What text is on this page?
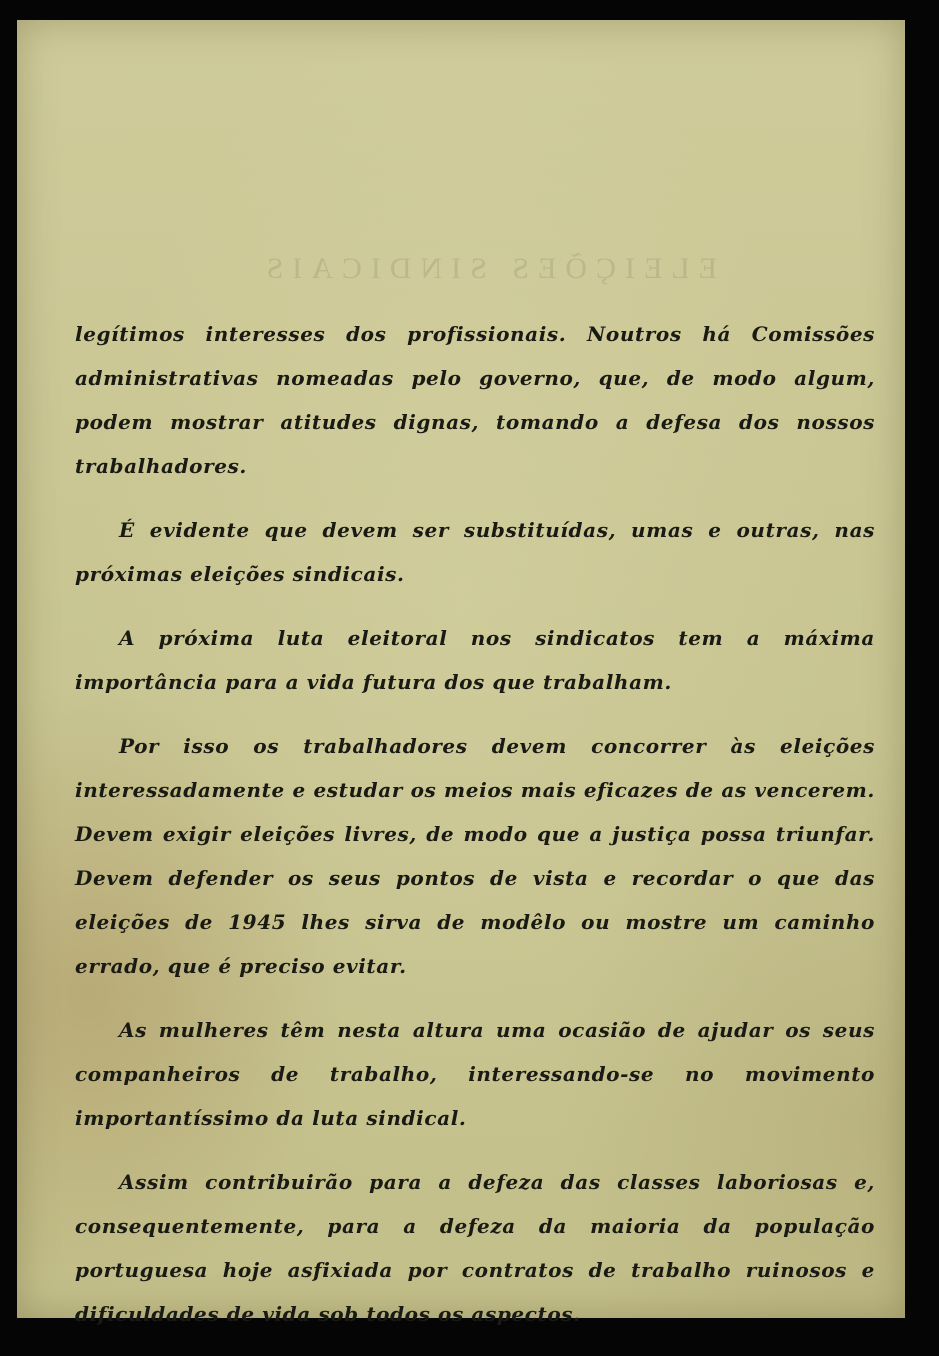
ELEIÇÕES SINDICAIS

legítimos interesses dos profissionais. Noutros há Comissões administrativas nomeadas pelo governo, que, de modo algum, podem mostrar atitudes dignas, tomando a defesa dos nossos trabalhadores.

É evidente que devem ser substituídas, umas e outras, nas próximas eleições sindicais.

A próxima luta eleitoral nos sindicatos tem a máxima importância para a vida futura dos que trabalham.

Por isso os trabalhadores devem concorrer às eleições interessadamente e estudar os meios mais eficazes de as vencerem. Devem exigir eleições livres, de modo que a justiça possa triunfar. Devem defender os seus pontos de vista e recordar o que das eleições de 1945 lhes sirva de modêlo ou mostre um caminho errado, que é preciso evitar.

As mulheres têm nesta altura uma ocasião de ajudar os seus companheiros de trabalho, interessando-se no movimento importantíssimo da luta sindical.

Assim contribuirão para a defeza das classes laboriosas e, consequentemente, para a defeza da maioria da população portuguesa hoje asfixiada por contratos de trabalho ruinosos e dificuldades de vida sob todos os aspectos.
